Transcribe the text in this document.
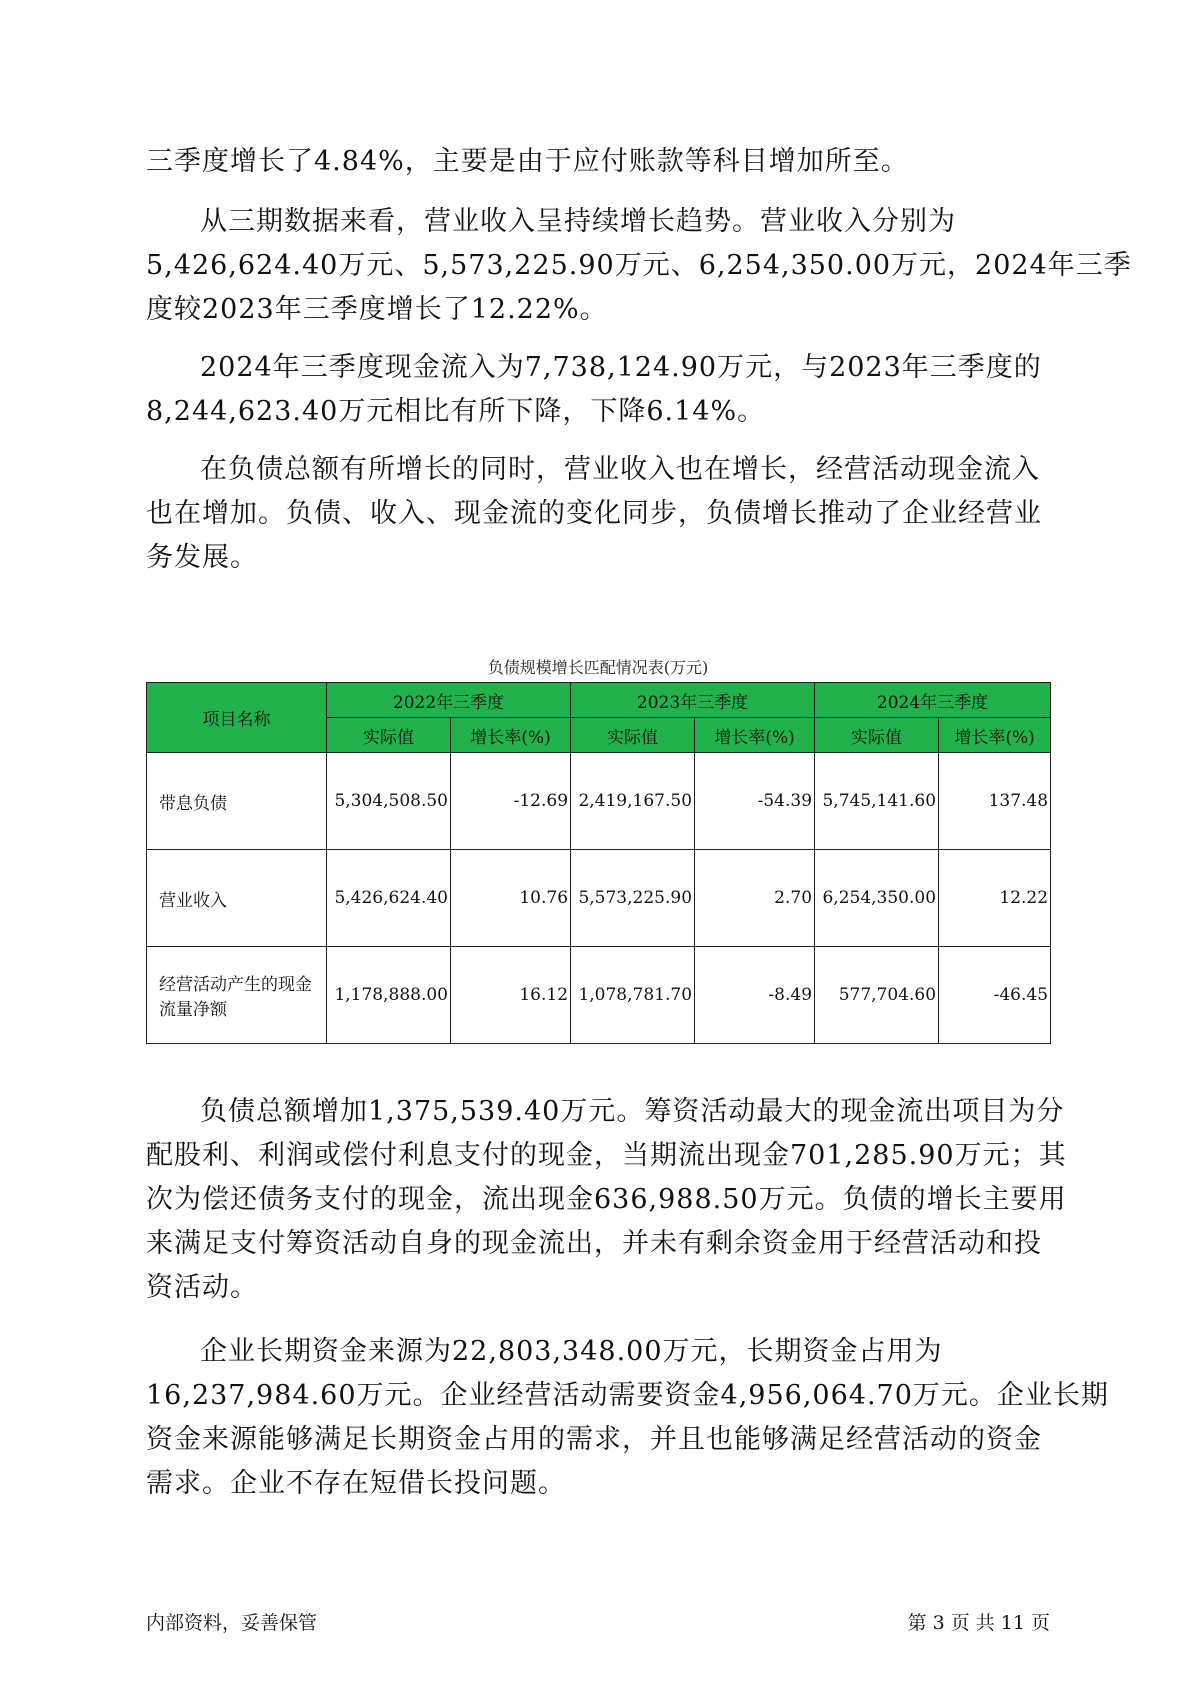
三季度增长了4.84%，主要是由于应付账款等科目增加所至。
从三期数据来看，营业收入呈持续增长趋势。营业收入分别为
5,426,624.40万元、5,573,225.90万元、6,254,350.00万元，2024年三季
度较2023年三季度增长了12.22%。
2024年三季度现金流入为7,738,124.90万元，与2023年三季度的
8,244,623.40万元相比有所下降，下降6.14%。
在负债总额有所增长的同时，营业收入也在增长，经营活动现金流入
也在增加。负债、收入、现金流的变化同步，负债增长推动了企业经营业
务发展。
负债规模增长匹配情况表(万元)
项目名称	2022年三季度		2023年三季度		2024年三季度	
	实际值	增长率(%)	实际值	增长率(%)	实际值	增长率(%)
带息负债	5,304,508.50	-12.69	2,419,167.50	-54.39	5,745,141.60	137.48
营业收入	5,426,624.40	10.76	5,573,225.90	2.70	6,254,350.00	12.22
经营活动产生的现金流量净额	1,178,888.00	16.12	1,078,781.70	-8.49	577,704.60	-46.45
负债总额增加1,375,539.40万元。筹资活动最大的现金流出项目为分
配股利、利润或偿付利息支付的现金，当期流出现金701,285.90万元；其
次为偿还债务支付的现金，流出现金636,988.50万元。负债的增长主要用
来满足支付筹资活动自身的现金流出，并未有剩余资金用于经营活动和投
资活动。
企业长期资金来源为22,803,348.00万元，长期资金占用为
16,237,984.60万元。企业经营活动需要资金4,956,064.70万元。企业长期
资金来源能够满足长期资金占用的需求，并且也能够满足经营活动的资金
需求。企业不存在短借长投问题。
内部资料，妥善保管	第 3 页 共 11 页
